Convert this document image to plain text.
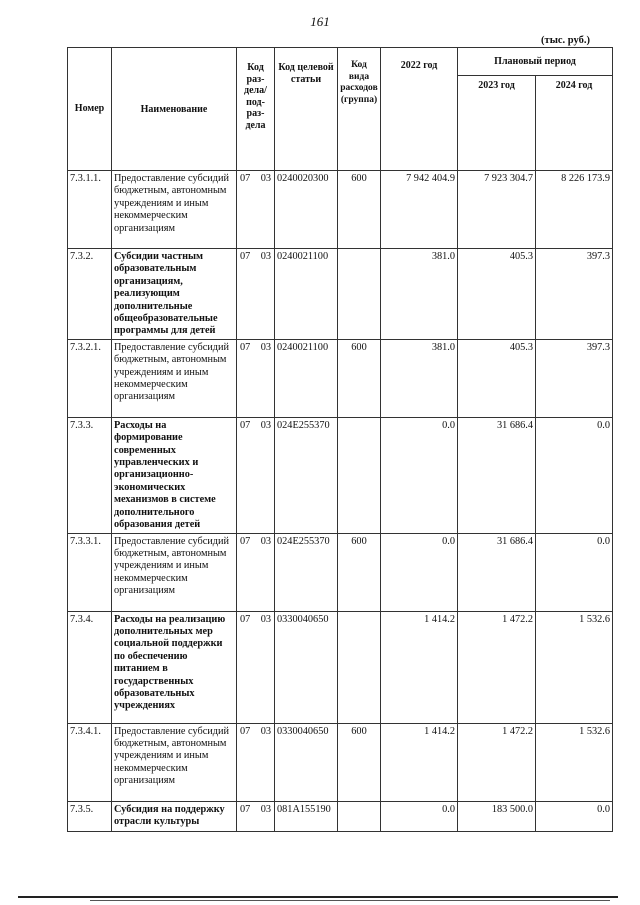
161
(тыс. руб.)
Номер	Наименование	Код раз-дела/ под-раз-дела	Код целевой статьи	Код вида расходов (группа)	2022 год	Плановый период	
						2023 год	2024 год
7.3.1.1.	Предоставление субсидий бюджетным, автономным учреждениям и иным некоммерческим организациям	07 03	0240020300	600	7 942 404.9	7 923 304.7	8 226 173.9
7.3.2.	Субсидии частным образовательным организациям, реализующим дополнительные общеобразовательные программы для детей	07 03	0240021100		381.0	405.3	397.3
7.3.2.1.	Предоставление субсидий бюджетным, автономным учреждениям и иным некоммерческим организациям	07 03	0240021100	600	381.0	405.3	397.3
7.3.3.	Расходы на формирование современных управленческих и организационно-экономических механизмов в системе дополнительного образования детей	07 03	024E255370		0.0	31 686.4	0.0
7.3.3.1.	Предоставление субсидий бюджетным, автономным учреждениям и иным некоммерческим организациям	07 03	024E255370	600	0.0	31 686.4	0.0
7.3.4.	Расходы на реализацию дополнительных мер социальной поддержки по обеспечению питанием в государственных образовательных учреждениях	07 03	0330040650		1 414.2	1 472.2	1 532.6
7.3.4.1.	Предоставление субсидий бюджетным, автономным учреждениям и иным некоммерческим организациям	07 03	0330040650	600	1 414.2	1 472.2	1 532.6
7.3.5.	Субсидия на поддержку отрасли культуры	07 03	081A155190		0.0	183 500.0	0.0
